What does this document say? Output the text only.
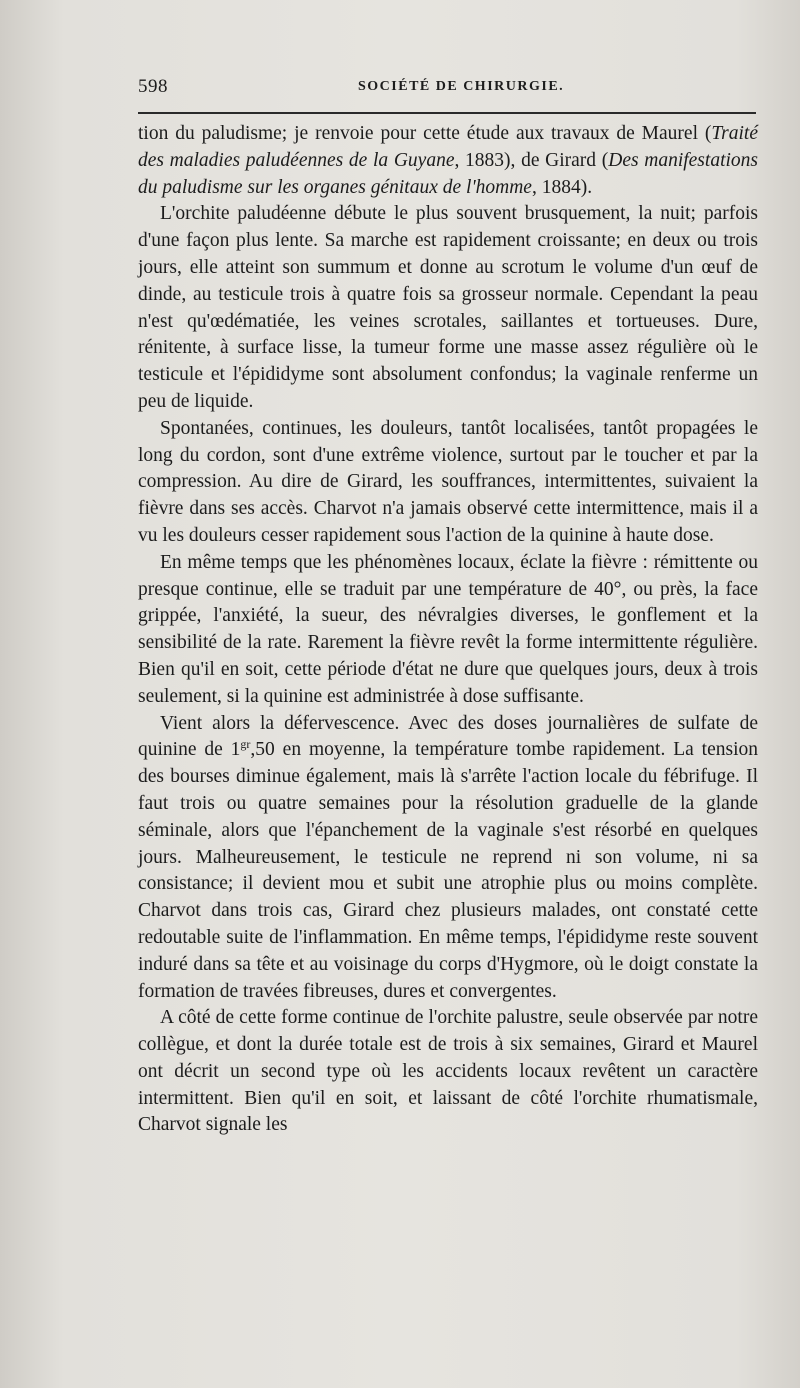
598	SOCIÉTÉ DE CHIRURGIE.

tion du paludisme; je renvoie pour cette étude aux travaux de Maurel (Traité des maladies paludéennes de la Guyane, 1883), de Girard (Des manifestations du paludisme sur les organes génitaux de l'homme, 1884).

L'orchite paludéenne débute le plus souvent brusquement, la nuit; parfois d'une façon plus lente. Sa marche est rapidement croissante; en deux ou trois jours, elle atteint son summum et donne au scrotum le volume d'un œuf de dinde, au testicule trois à quatre fois sa grosseur normale. Cependant la peau n'est qu'œdématiée, les veines scrotales, saillantes et tortueuses. Dure, rénitente, à surface lisse, la tumeur forme une masse assez régulière où le testicule et l'épididyme sont absolument confondus; la vaginale renferme un peu de liquide.

Spontanées, continues, les douleurs, tantôt localisées, tantôt propagées le long du cordon, sont d'une extrême violence, surtout par le toucher et par la compression. Au dire de Girard, les souffrances, intermittentes, suivaient la fièvre dans ses accès. Charvot n'a jamais observé cette intermittence, mais il a vu les douleurs cesser rapidement sous l'action de la quinine à haute dose.

En même temps que les phénomènes locaux, éclate la fièvre : rémittente ou presque continue, elle se traduit par une température de 40°, ou près, la face grippée, l'anxiété, la sueur, des névralgies diverses, le gonflement et la sensibilité de la rate. Rarement la fièvre revêt la forme intermittente régulière. Bien qu'il en soit, cette période d'état ne dure que quelques jours, deux à trois seulement, si la quinine est administrée à dose suffisante.

Vient alors la défervescence. Avec des doses journalières de sulfate de quinine de $1^{gr},50$ en moyenne, la température tombe rapidement. La tension des bourses diminue également, mais là s'arrête l'action locale du fébrifuge. Il faut trois ou quatre semaines pour la résolution graduelle de la glande séminale, alors que l'épanchement de la vaginale s'est résorbé en quelques jours. Malheureusement, le testicule ne reprend ni son volume, ni sa consistance; il devient mou et subit une atrophie plus ou moins complète. Charvot dans trois cas, Girard chez plusieurs malades, ont constaté cette redoutable suite de l'inflammation. En même temps, l'épididyme reste souvent induré dans sa tête et au voisinage du corps d'Hygmore, où le doigt constate la formation de travées fibreuses, dures et convergentes.

A côté de cette forme continue de l'orchite palustre, seule observée par notre collègue, et dont la durée totale est de trois à six semaines, Girard et Maurel ont décrit un second type où les accidents locaux revêtent un caractère intermittent. Bien qu'il en soit, et laissant de côté l'orchite rhumatismale, Charvot signale les
